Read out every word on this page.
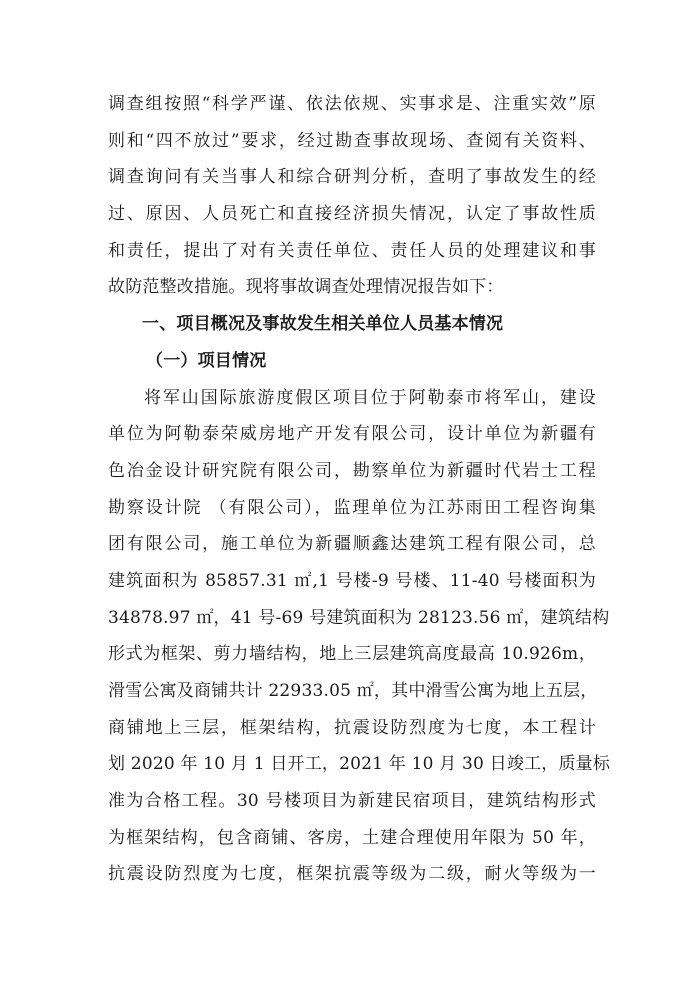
调查组按照“科学严谨、依法依规、实事求是、注重实效”原
则和“四不放过”要求，经过勘查事故现场、查阅有关资料、
调查询问有关当事人和综合研判分析，查明了事故发生的经
过、原因、人员死亡和直接经济损失情况，认定了事故性质
和责任，提出了对有关责任单位、责任人员的处理建议和事
故防范整改措施。现将事故调查处理情况报告如下：
一、项目概况及事故发生相关单位人员基本情况
（一）项目情况
将军山国际旅游度假区项目位于阿勒泰市将军山，建设
单位为阿勒泰荣威房地产开发有限公司，设计单位为新疆有
色冶金设计研究院有限公司，勘察单位为新疆时代岩士工程
勘察设计院 （有限公司），监理单位为江苏雨田工程咨询集
团有限公司，施工单位为新疆顺鑫达建筑工程有限公司，总
建筑面积为 85857.31 ㎡,1 号楼-9 号楼、11-40 号楼面积为
34878.97 ㎡，41 号-69 号建筑面积为 28123.56 ㎡，建筑结构
形式为框架、剪力墙结构，地上三层建筑高度最高 10.926m，
滑雪公寓及商铺共计 22933.05 ㎡，其中滑雪公寓为地上五层，
商铺地上三层，框架结构，抗震设防烈度为七度，本工程计
划 2020 年 10 月 1 日开工，2021 年 10 月 30 日竣工，质量标
准为合格工程。30 号楼项目为新建民宿项目，建筑结构形式
为框架结构，包含商铺、客房，土建合理使用年限为 50 年，
抗震设防烈度为七度，框架抗震等级为二级，耐火等级为一
